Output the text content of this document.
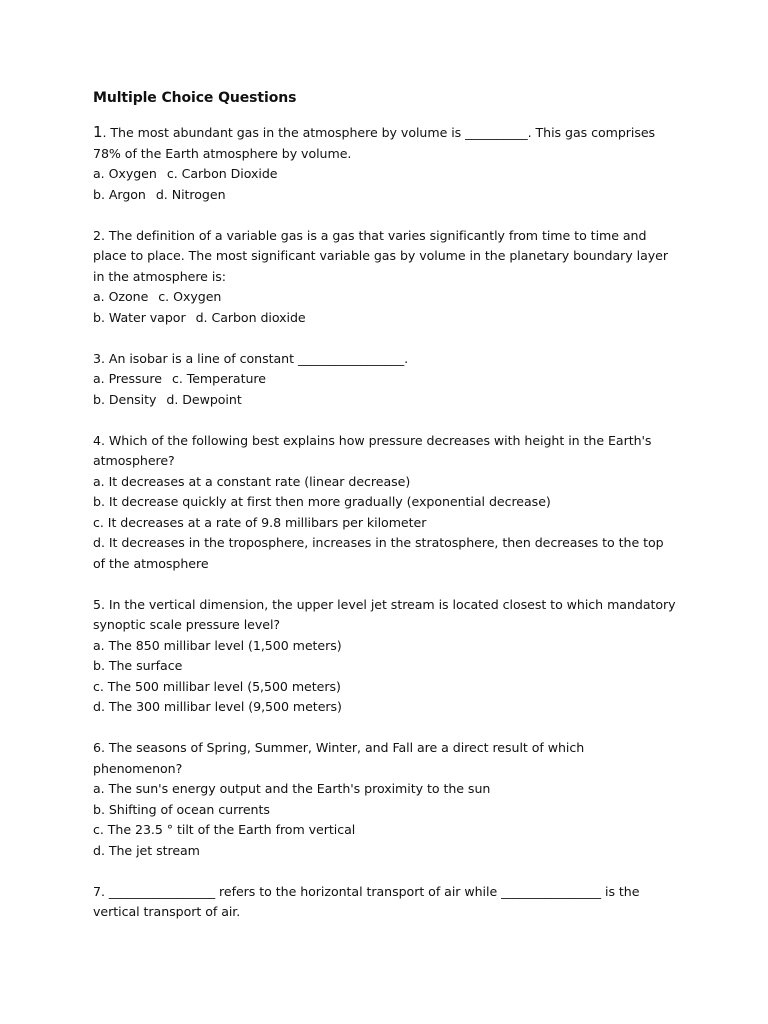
Multiple Choice Questions
1. The most abundant gas in the atmosphere by volume is __________. This gas comprises
78% of the Earth atmosphere by volume.
a. Oxygen c. Carbon Dioxide
b. Argon d. Nitrogen
2. The definition of a variable gas is a gas that varies significantly from time to time and
place to place. The most significant variable gas by volume in the planetary boundary layer
in the atmosphere is:
a. Ozone c. Oxygen
b. Water vapor d. Carbon dioxide
3. An isobar is a line of constant _________________.
a. Pressure c. Temperature
b. Density d. Dewpoint
4. Which of the following best explains how pressure decreases with height in the Earth's
atmosphere?
a. It decreases at a constant rate (linear decrease)
b. It decrease quickly at first then more gradually (exponential decrease)
c. It decreases at a rate of 9.8 millibars per kilometer
d. It decreases in the troposphere, increases in the stratosphere, then decreases to the top
of the atmosphere
5. In the vertical dimension, the upper level jet stream is located closest to which mandatory
synoptic scale pressure level?
a. The 850 millibar level (1,500 meters)
b. The surface
c. The 500 millibar level (5,500 meters)
d. The 300 millibar level (9,500 meters)
6. The seasons of Spring, Summer, Winter, and Fall are a direct result of which
phenomenon?
a. The sun's energy output and the Earth's proximity to the sun
b. Shifting of ocean currents
c. The 23.5 ° tilt of the Earth from vertical
d. The jet stream
7. _________________ refers to the horizontal transport of air while ________________ is the
vertical transport of air.
